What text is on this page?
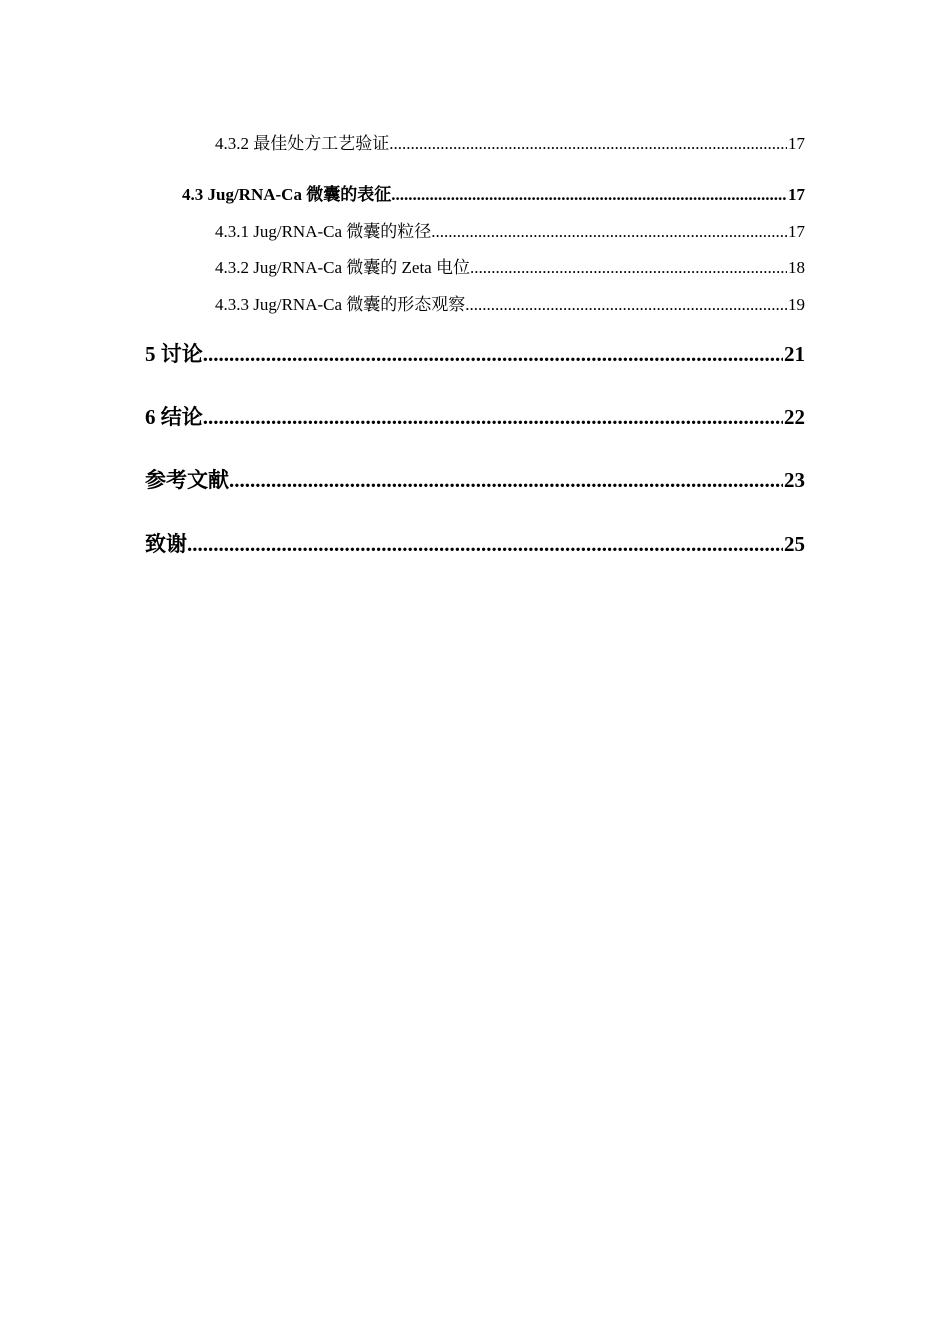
4.3.2 最佳处方工艺验证 .....	17
4.3 Jug/RNA-Ca 微囊的表征 .....	17
4.3.1 Jug/RNA-Ca 微囊的粒径 .....	17
4.3.2 Jug/RNA-Ca 微囊的 Zeta 电位 .....	18
4.3.3 Jug/RNA-Ca 微囊的形态观察 .....	19
5 讨论 .....	21
6 结论 .....	22
参考文献 .....	23
致谢 .....	25
